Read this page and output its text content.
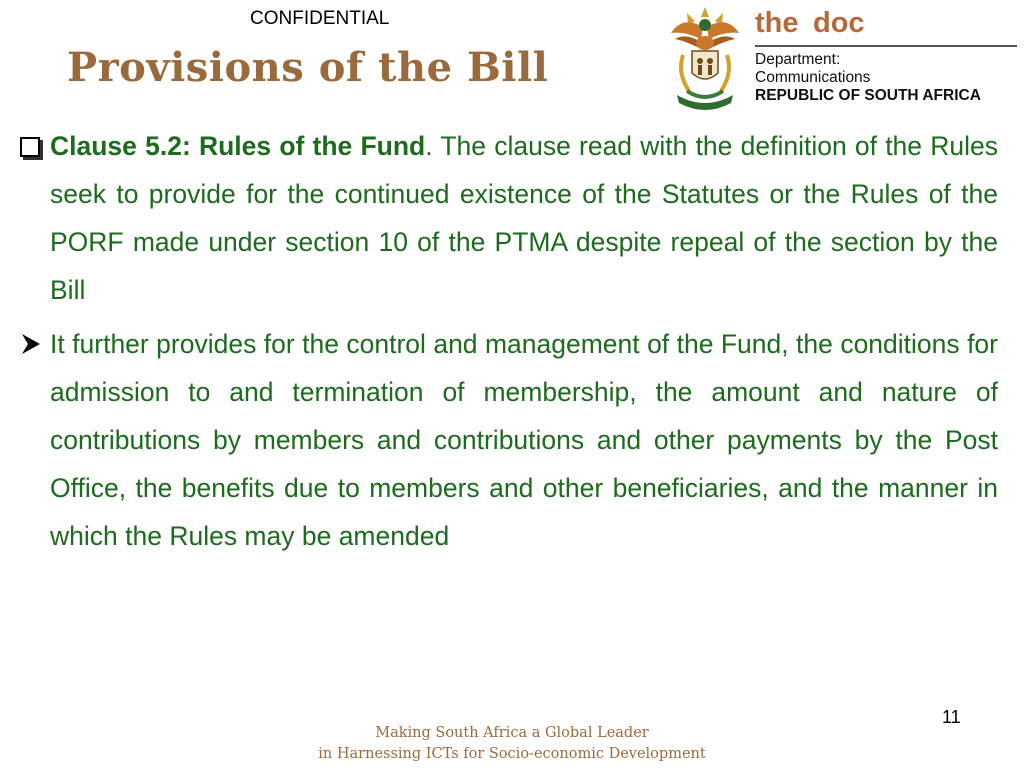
CONFIDENTIAL
Provisions of the Bill
the doc
Department:
Communications
REPUBLIC OF SOUTH AFRICA

Clause 5.2: Rules of the Fund. The clause read with the definition of the Rules seek to provide for the continued existence of the Statutes or the Rules of the PORF made under section 10 of the PTMA despite repeal of the section by the Bill

It further provides for the control and management of the Fund, the conditions for admission to and termination of membership, the amount and nature of contributions by members and contributions and other payments by the Post Office, the benefits due to members and other beneficiaries, and the manner in which the Rules may be amended

11
Making South Africa a Global Leader
in Harnessing ICTs for Socio-economic Development
